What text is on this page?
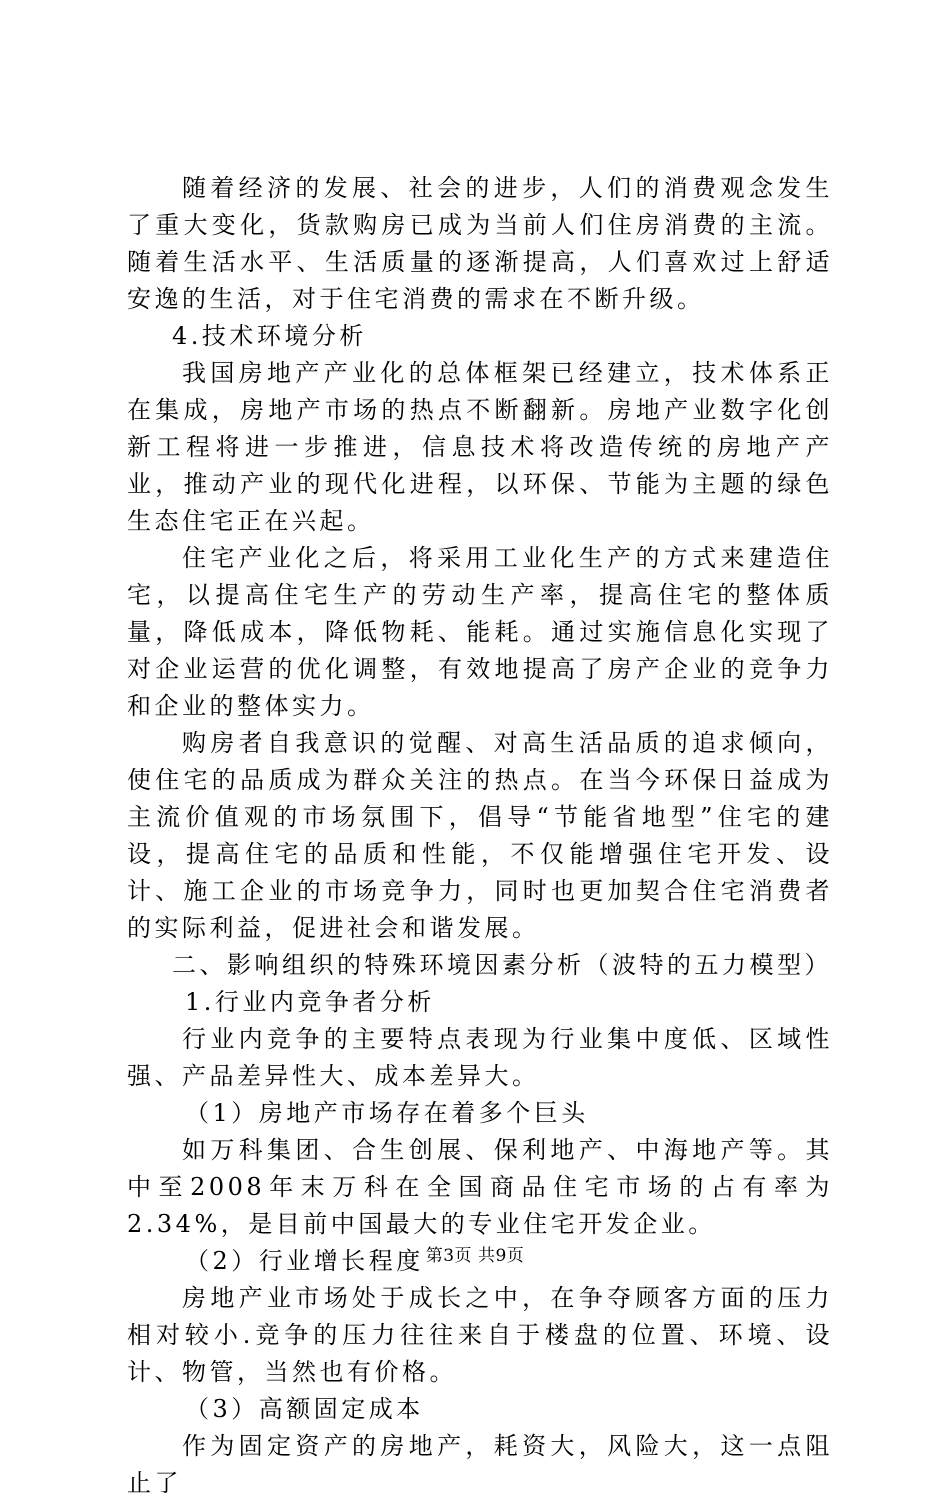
随着经济的发展、社会的进步，人们的消费观念发生了重大变化，货款购房已成为当前人们住房消费的主流。随着生活水平、生活质量的逐渐提高，人们喜欢过上舒适安逸的生活，对于住宅消费的需求在不断升级。

4.技术环境分析

我国房地产产业化的总体框架已经建立，技术体系正在集成，房地产市场的热点不断翻新。房地产业数字化创新工程将进一步推进，信息技术将改造传统的房地产产业，推动产业的现代化进程，以环保、节能为主题的绿色生态住宅正在兴起。

住宅产业化之后，将采用工业化生产的方式来建造住宅，以提高住宅生产的劳动生产率，提高住宅的整体质量，降低成本，降低物耗、能耗。通过实施信息化实现了对企业运营的优化调整，有效地提高了房产企业的竞争力和企业的整体实力。

购房者自我意识的觉醒、对高生活品质的追求倾向，使住宅的品质成为群众关注的热点。在当今环保日益成为主流价值观的市场氛围下，倡导“节能省地型”住宅的建设，提高住宅的品质和性能，不仅能增强住宅开发、设计、施工企业的市场竞争力，同时也更加契合住宅消费者的实际利益，促进社会和谐发展。

二、影响组织的特殊环境因素分析（波特的五力模型）

1.行业内竞争者分析

行业内竞争的主要特点表现为行业集中度低、区域性强、产品差异性大、成本差异大。

（1）房地产市场存在着多个巨头

如万科集团、合生创展、保利地产、中海地产等。其中至2008年末万科在全国商品住宅市场的占有率为2.34%，是目前中国最大的专业住宅开发企业。

（2）行业增长程度

房地产业市场处于成长之中，在争夺顾客方面的压力相对较小.竞争的压力往往来自于楼盘的位置、环境、设计、物管，当然也有价格。

（3）高额固定成本

作为固定资产的房地产，耗资大，风险大，这一点阻止了

第3页 共9页
